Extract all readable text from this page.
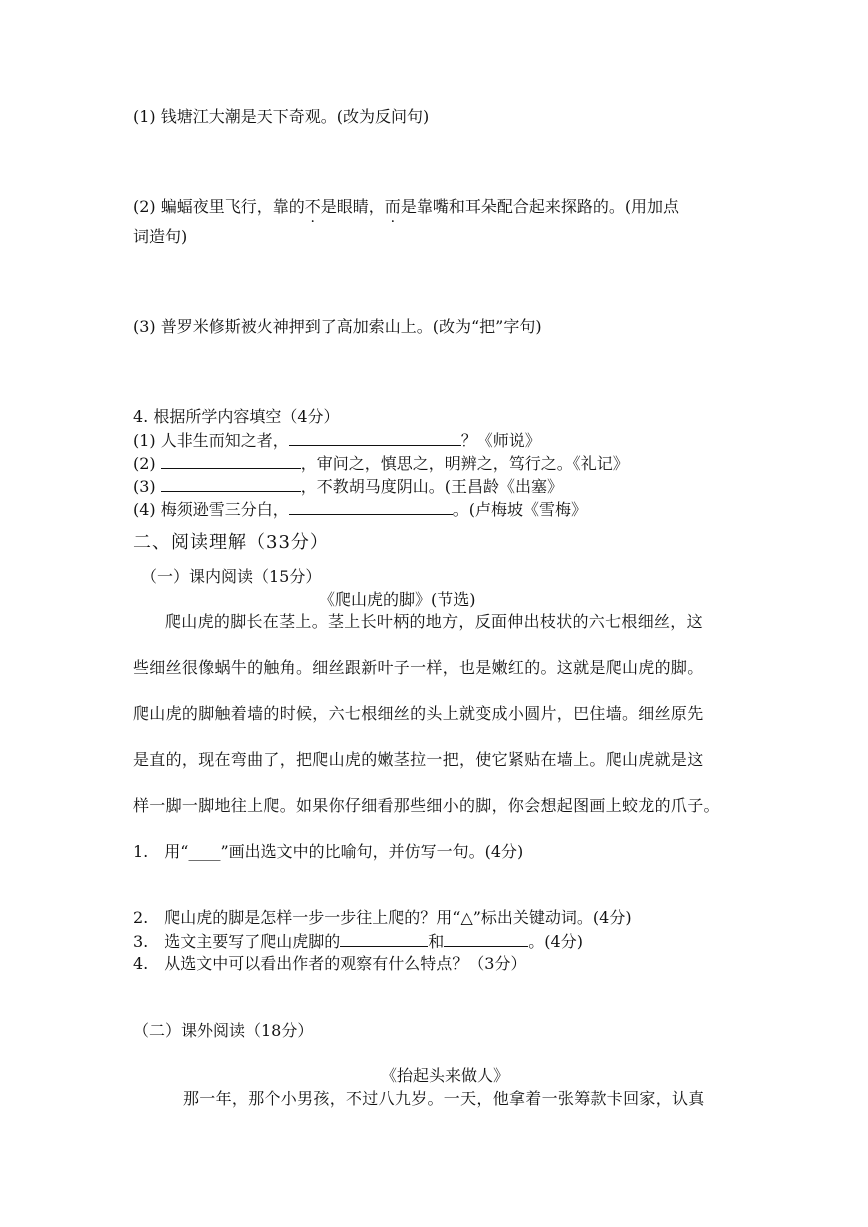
(1) 钱塘江大潮是天下奇观。(改为反问句)
(2) 蝙蝠夜里飞行，靠的不是眼睛，而是靠嘴和耳朵配合起来探路的。(用加点
词造句)
(3) 普罗米修斯被火神押到了高加索山上。(改为“把”字句)
4. 根据所学内容填空（4分）
(1) 人非生而知之者，	？《师说》
(2)	，审问之，慎思之，明辨之，笃行之。《礼记》
(3)	，不教胡马度阴山。(王昌龄《出塞》
(4) 梅须逊雪三分白，	。(卢梅坡《雪梅》
二、阅读理解（33分）
（一）课内阅读（15分）
《爬山虎的脚》(节选)
爬山虎的脚长在茎上。茎上长叶柄的地方，反面伸出枝状的六七根细丝，这
些细丝很像蜗牛的触角。细丝跟新叶子一样，也是嫩红的。这就是爬山虎的脚。
爬山虎的脚触着墙的时候，六七根细丝的头上就变成小圆片，巴住墙。细丝原先
是直的，现在弯曲了，把爬山虎的嫩茎拉一把，使它紧贴在墙上。爬山虎就是这
样一脚一脚地往上爬。如果你仔细看那些细小的脚，你会想起图画上蛟龙的爪子。
1.　用“____”画出选文中的比喻句，并仿写一句。(4分)
2.　爬山虎的脚是怎样一步一步往上爬的？用“△”标出关键动词。(4分)
3.　选文主要写了爬山虎脚的	和	。(4分)
4.　从选文中可以看出作者的观察有什么特点？（3分）
（二）课外阅读（18分）
《抬起头来做人》
那一年，那个小男孩，不过八九岁。一天，他拿着一张筹款卡回家，认真
